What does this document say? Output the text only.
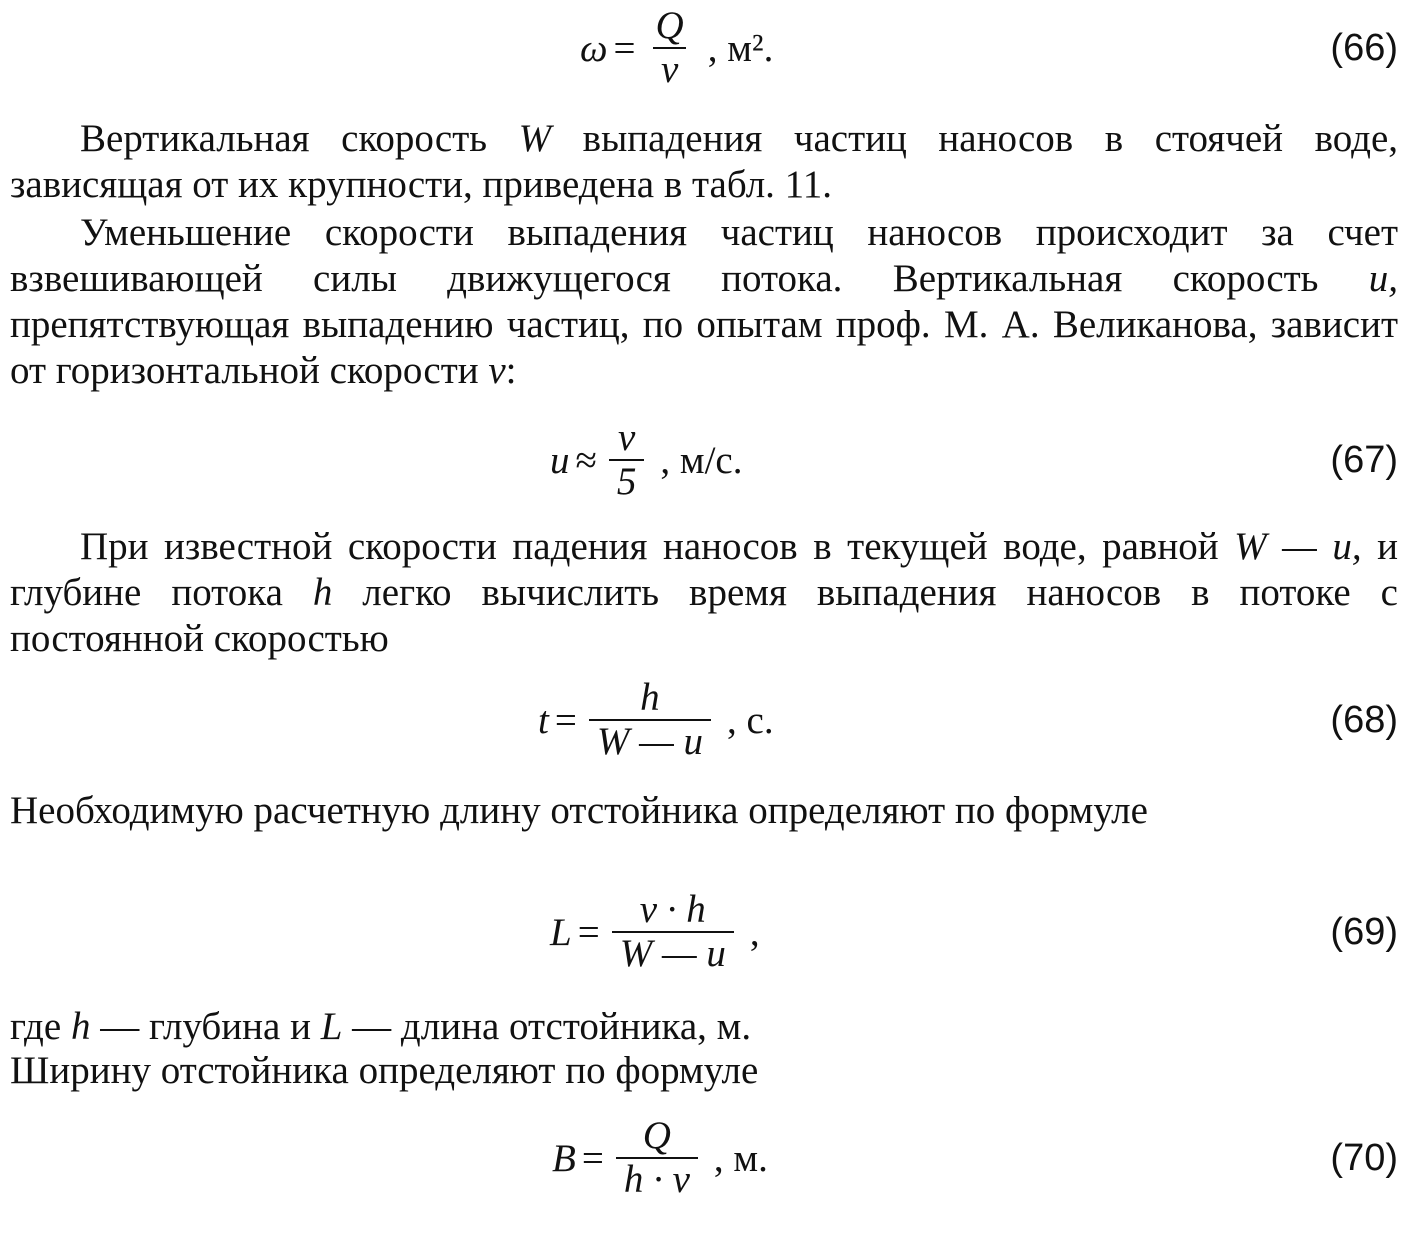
$\omega = \frac{Q}{v}$ , м².	(66)

Вертикальная скорость W выпадения частиц наносов в стоячей воде, зависящая от их крупности, приведена в табл. 11.

Уменьшение скорости выпадения частиц наносов происходит за счет взвешивающей силы движущегося потока. Вертикальная скорость u, препятствующая выпадению частиц, по опытам проф. М. А. Великанова, зависит от горизонтальной скорости v:

$u \approx \frac{v}{5}$ , м/с.	(67)

При известной скорости падения наносов в текущей воде, равной W — u, и глубине потока h легко вычислить время выпадения наносов в потоке с постоянной скоростью

$t = \frac{h}{W — u}$ , с.	(68)

Необходимую расчетную длину отстойника определяют по формуле

$L = \frac{v \cdot h}{W — u}$ ,	(69)

где h — глубина и L — длина отстойника, м.

Ширину отстойника определяют по формуле

$B = \frac{Q}{h \cdot v}$ , м.	(70)
